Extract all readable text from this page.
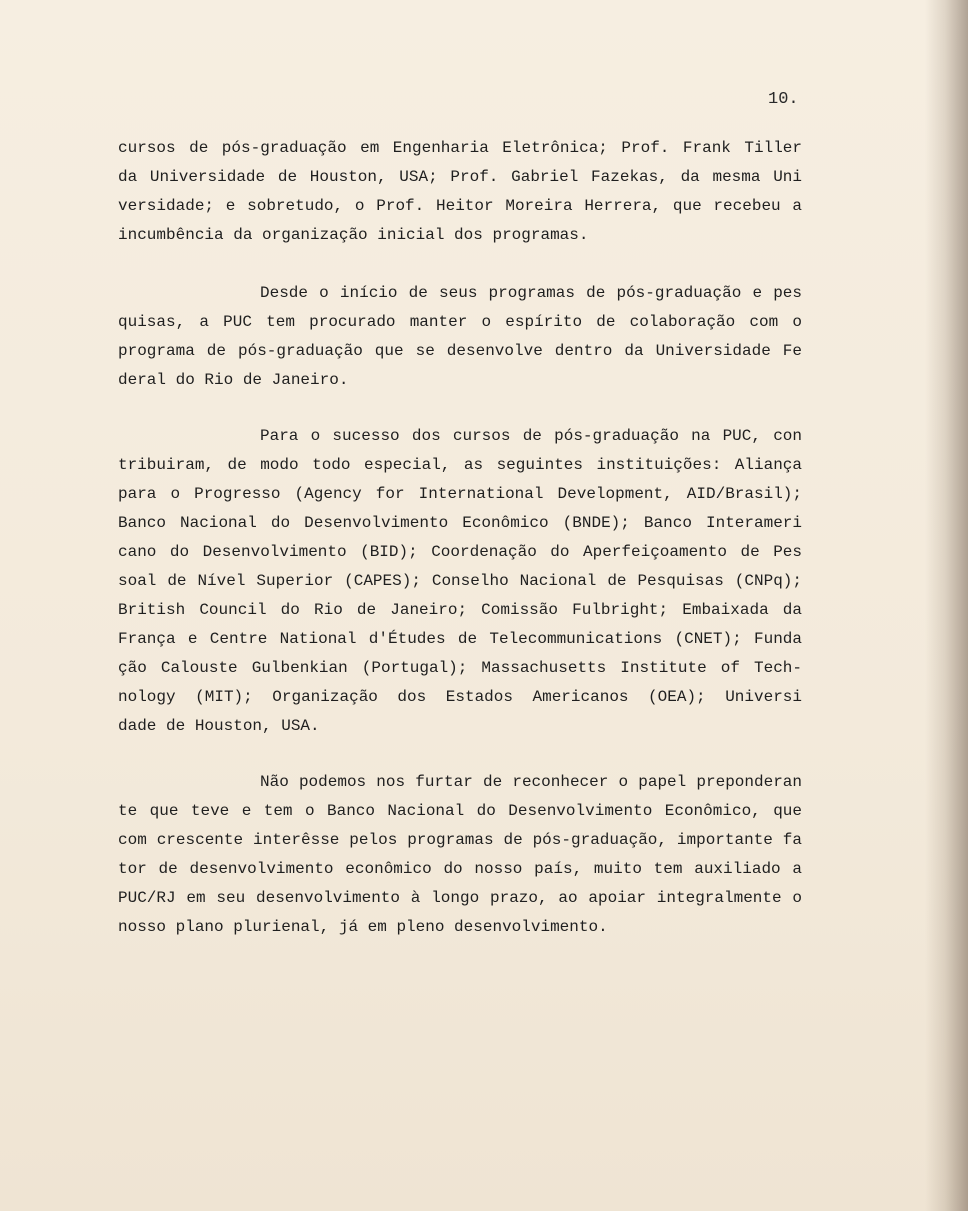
10.
cursos de pós-graduação em Engenharia Eletrônica; Prof. Frank Tiller
da Universidade de Houston, USA; Prof. Gabriel Fazekas, da mesma Uni
versidade; e sobretudo, o Prof. Heitor Moreira Herrera, que recebeu a
incumbência da organização inicial dos programas.
Desde o início de seus programas de pós-graduação e pes
quisas, a PUC tem procurado manter o espírito de colaboração com o
programa de pós-graduação que se desenvolve dentro da Universidade Fe
deral do Rio de Janeiro.
Para o sucesso dos cursos de pós-graduação na PUC, con
tribuiram, de modo todo especial, as seguintes instituições: Aliança
para o Progresso (Agency for International Development, AID/Brasil);
Banco Nacional do Desenvolvimento Econômico (BNDE); Banco Interameri
cano do Desenvolvimento (BID); Coordenação do Aperfeiçoamento de Pes
soal de Nível Superior (CAPES); Conselho Nacional de Pesquisas (CNPq);
British Council do Rio de Janeiro; Comissão Fulbright; Embaixada da
França e Centre National d'Études de Telecommunications (CNET); Funda
ção Calouste Gulbenkian (Portugal); Massachusetts Institute of Tech-
nology (MIT); Organização dos Estados Americanos (OEA); Universi
dade de Houston, USA.
Não podemos nos furtar de reconhecer o papel preponderan
te que teve e tem o Banco Nacional do Desenvolvimento Econômico, que
com crescente interêsse pelos programas de pós-graduação, importante fa
tor de desenvolvimento econômico do nosso país, muito tem auxiliado a
PUC/RJ em seu desenvolvimento à longo prazo, ao apoiar integralmente o
nosso plano plurienal, já em pleno desenvolvimento.
